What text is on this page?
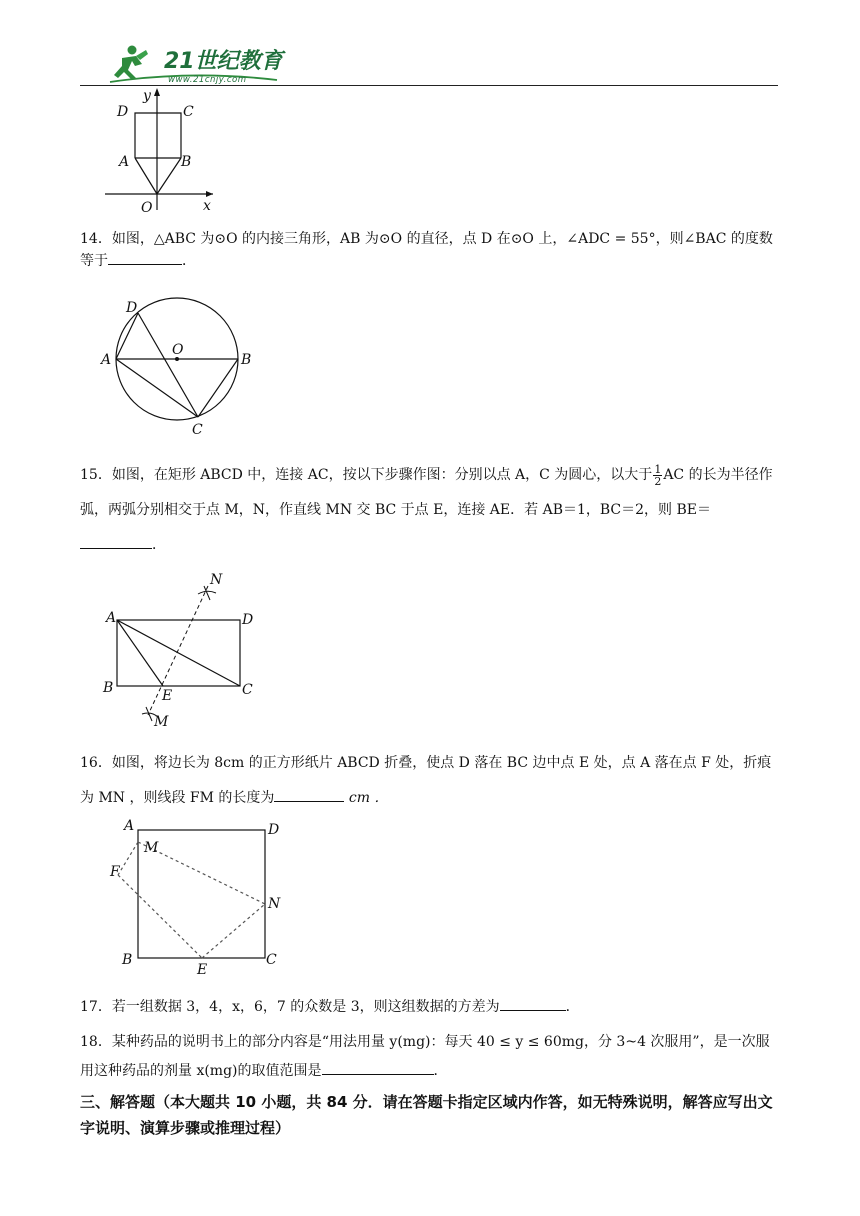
21世纪教育
www.21cnjy.com
D	C
A	B
O	x
y
14．如图，△ABC 为⊙O 的内接三角形，AB 为⊙O 的直径，点 D 在⊙O 上，∠ADC = 55°，则∠BAC 的度数等于	．
D
O
A	B
C
15．如图，在矩形 ABCD 中，连接 AC，按以下步骤作图：分别以点 A，C 为圆心，以大于 $\frac{1}{2}$ AC 的长为半径作弧，两弧分别相交于点 M，N，作直线 MN 交 BC 于点 E，连接 AE．若 AB＝1，BC＝2，则 BE＝．
N
A	D
B	E	C
M
16．如图，将边长为 8cm 的正方形纸片 ABCD 折叠，使点 D 落在 BC 边中点 E 处，点 A 落在点 F 处，折痕为 MN ，则线段 FM 的长度为	cm ．
A	D
M
F
N
B
E
C
17．若一组数据 3，4，x，6，7 的众数是 3，则这组数据的方差为	．
18．某种药品的说明书上的部分内容是“用法用量 y(mg)：每天 40 ≤ y ≤ 60mg，分 3~4 次服用”，是一次服用这种药品的剂量 x(mg)的取值范围是	．
三、解答题（本大题共 10 小题，共 84 分．请在答题卡指定区域内作答，如无特殊说明，解答应写出文字说明、演算步骤或推理过程）
